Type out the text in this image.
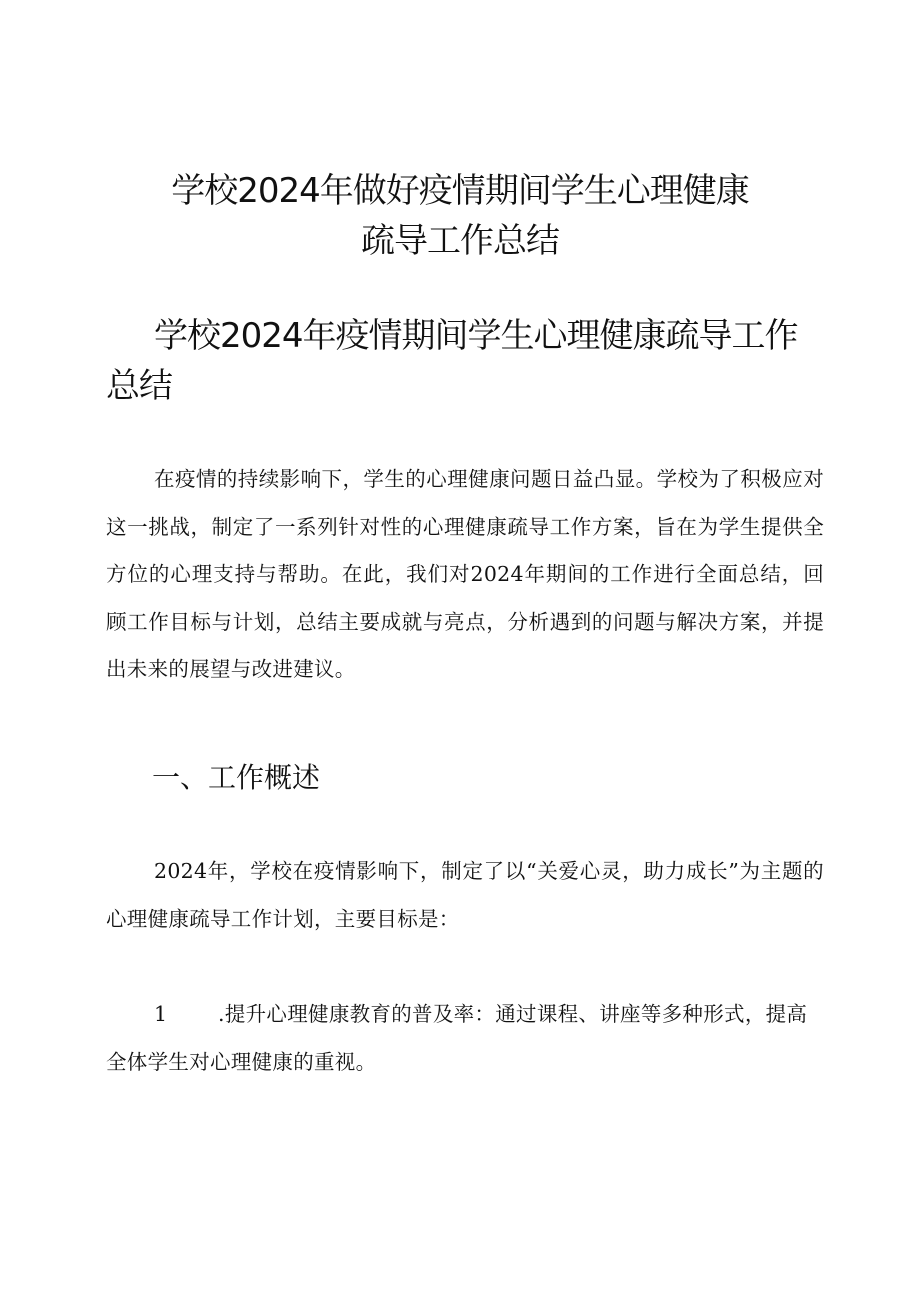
学校2024年做好疫情期间学生心理健康
疏导工作总结
学校2024年疫情期间学生心理健康疏导工作总结

在疫情的持续影响下，学生的心理健康问题日益凸显。学校为了积极应对这一挑战，制定了一系列针对性的心理健康疏导工作方案，旨在为学生提供全方位的心理支持与帮助。在此，我们对2024年期间的工作进行全面总结，回顾工作目标与计划，总结主要成就与亮点，分析遇到的问题与解决方案，并提出未来的展望与改进建议。

一、工作概述

2024年，学校在疫情影响下，制定了以“关爱心灵，助力成长”为主题的心理健康疏导工作计划，主要目标是：

1 .提升心理健康教育的普及率：通过课程、讲座等多种形式，提高全体学生对心理健康的重视。
